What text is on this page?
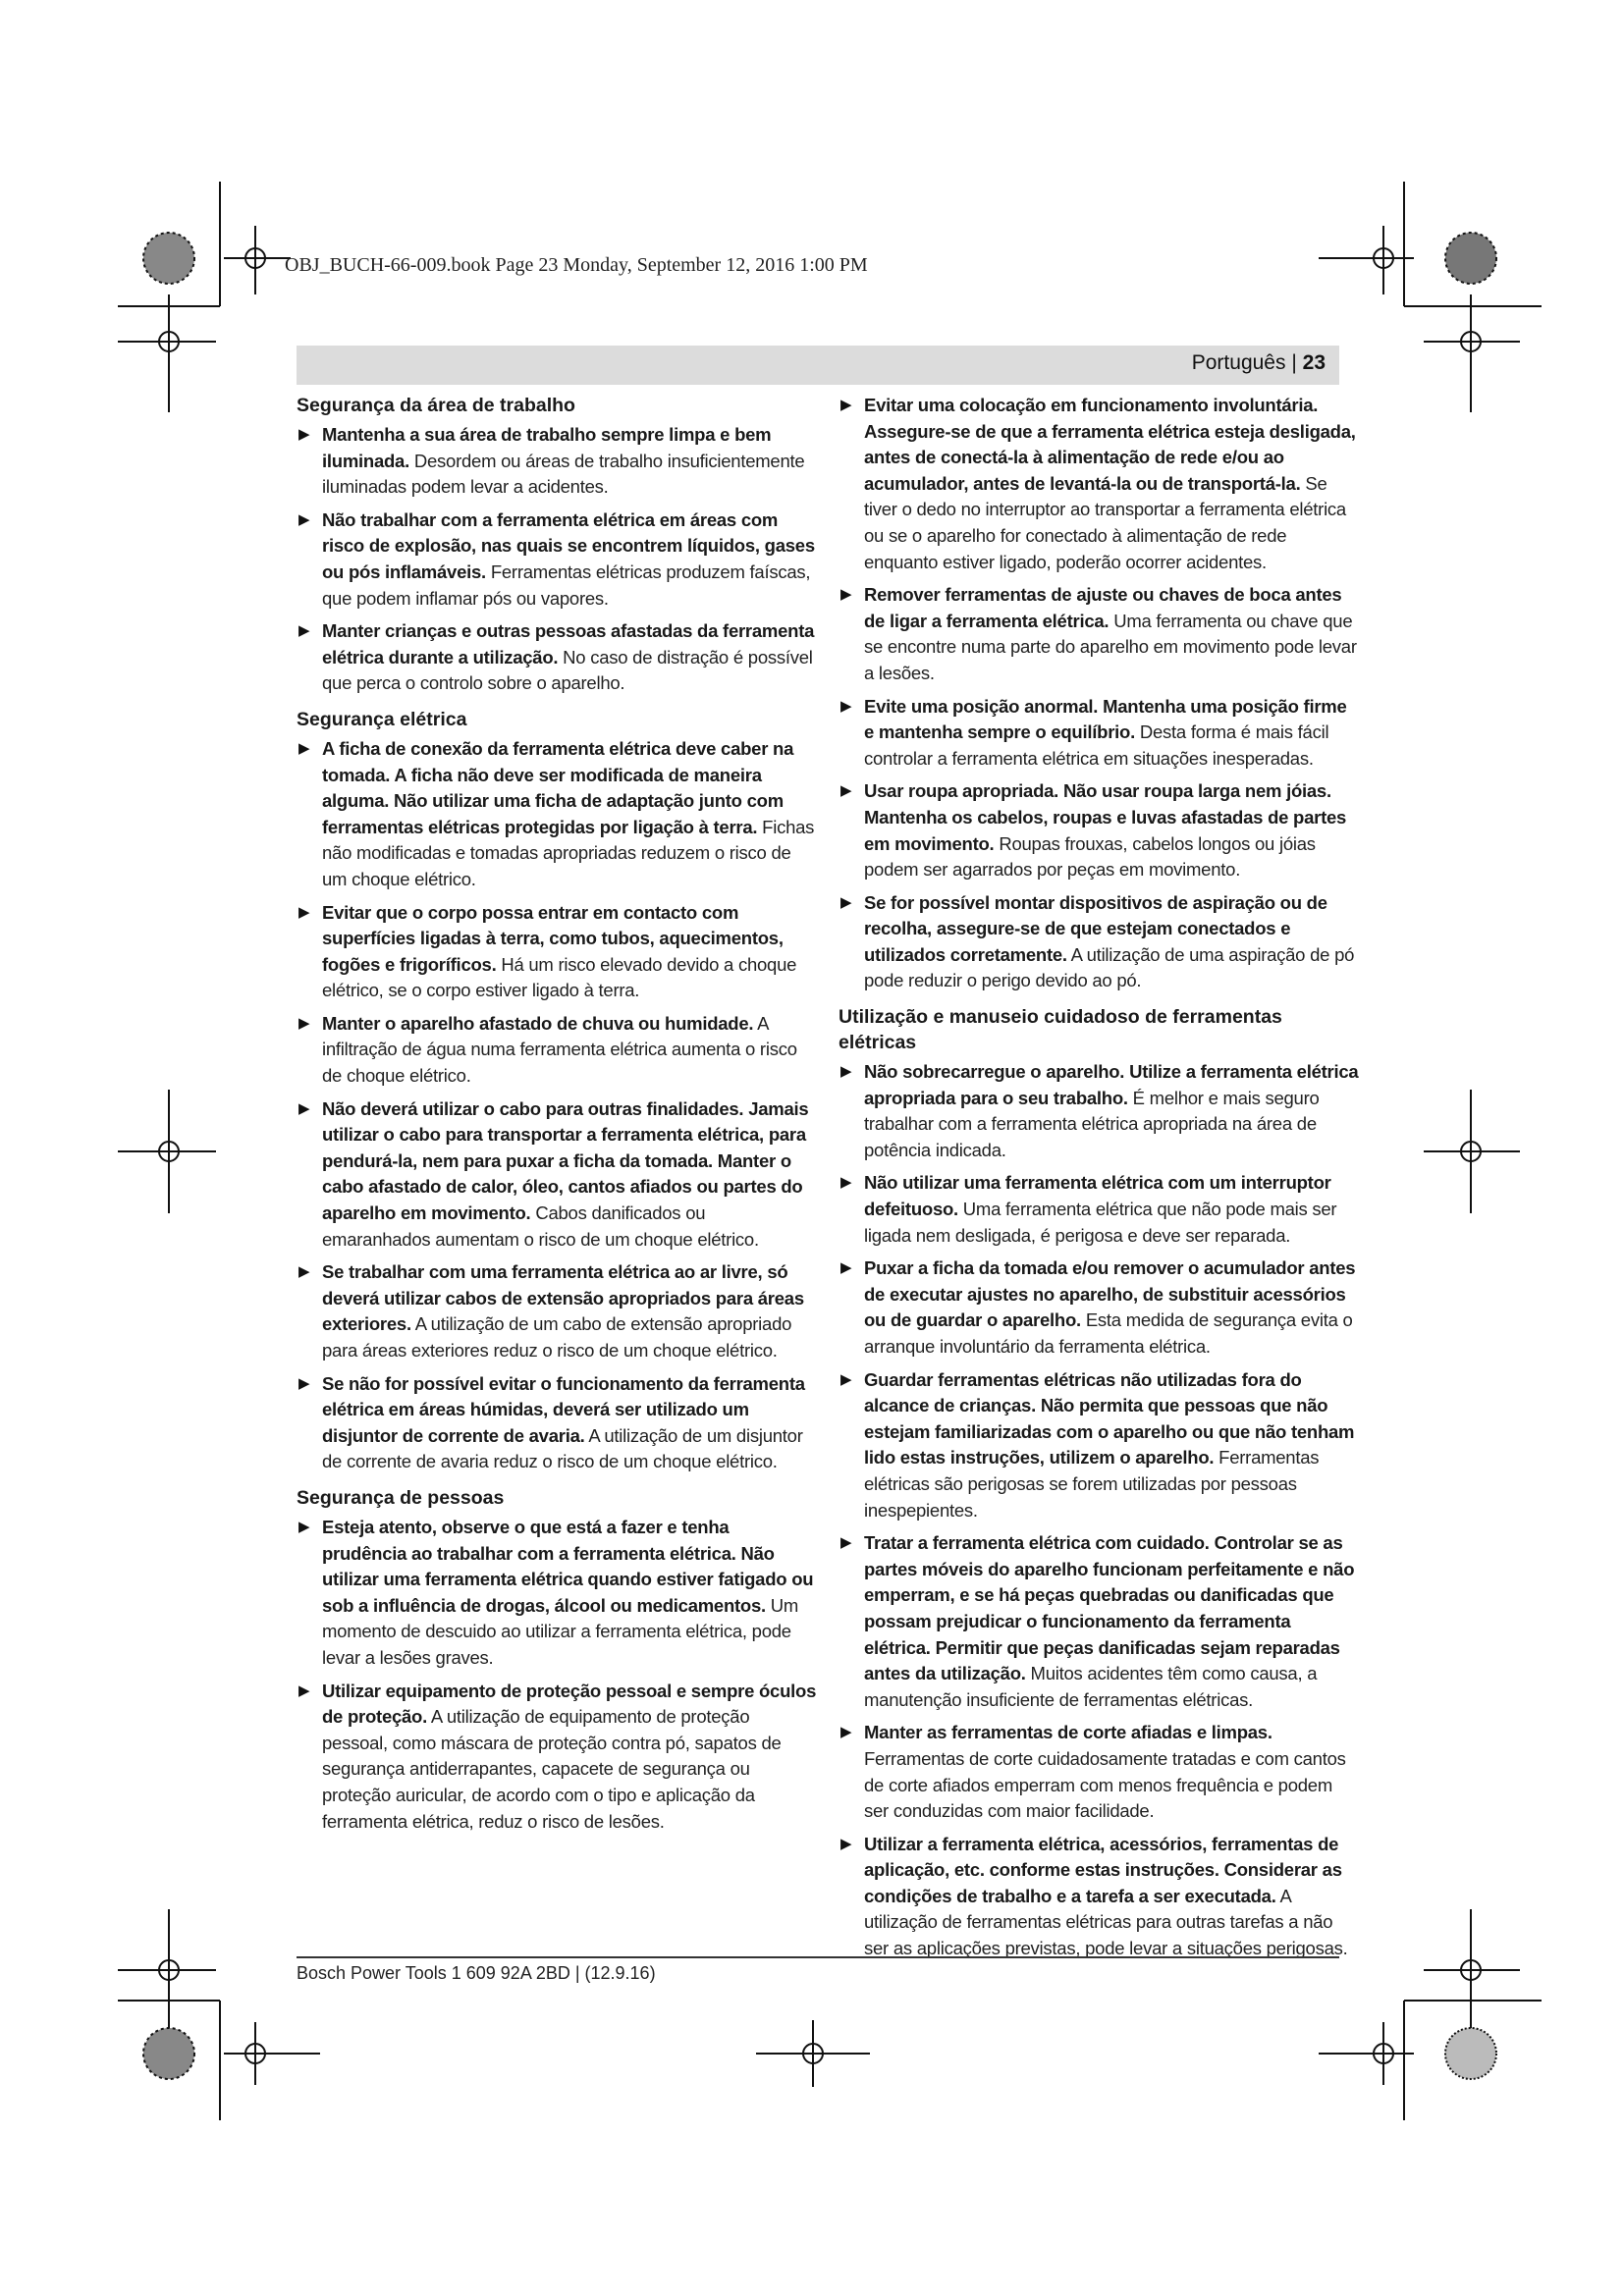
OBJ_BUCH-66-009.book Page 23 Monday, September 12, 2016 1:00 PM
Português | 23
Segurança da área de trabalho
▶ Mantenha a sua área de trabalho sempre limpa e bem iluminada. Desordem ou áreas de trabalho insuficientemente iluminadas podem levar a acidentes.
▶ Não trabalhar com a ferramenta elétrica em áreas com risco de explosão, nas quais se encontrem líquidos, gases ou pós inflamáveis. Ferramentas elétricas produzem faíscas, que podem inflamar pós ou vapores.
▶ Manter crianças e outras pessoas afastadas da ferramenta elétrica durante a utilização. No caso de distração é possível que perca o controlo sobre o aparelho.
Segurança elétrica
▶ A ficha de conexão da ferramenta elétrica deve caber na tomada. A ficha não deve ser modificada de maneira alguma. Não utilizar uma ficha de adaptação junto com ferramentas elétricas protegidas por ligação à terra. Fichas não modificadas e tomadas apropriadas reduzem o risco de um choque elétrico.
▶ Evitar que o corpo possa entrar em contacto com superfícies ligadas à terra, como tubos, aquecimentos, fogões e frigoríficos. Há um risco elevado devido a choque elétrico, se o corpo estiver ligado à terra.
▶ Manter o aparelho afastado de chuva ou humidade. A infiltração de água numa ferramenta elétrica aumenta o risco de choque elétrico.
▶ Não deverá utilizar o cabo para outras finalidades. Jamais utilizar o cabo para transportar a ferramenta elétrica, para pendurá-la, nem para puxar a ficha da tomada. Manter o cabo afastado de calor, óleo, cantos afiados ou partes do aparelho em movimento. Cabos danificados ou emaranhados aumentam o risco de um choque elétrico.
▶ Se trabalhar com uma ferramenta elétrica ao ar livre, só deverá utilizar cabos de extensão apropriados para áreas exteriores. A utilização de um cabo de extensão apropriado para áreas exteriores reduz o risco de um choque elétrico.
▶ Se não for possível evitar o funcionamento da ferramenta elétrica em áreas húmidas, deverá ser utilizado um disjuntor de corrente de avaria. A utilização de um disjuntor de corrente de avaria reduz o risco de um choque elétrico.
Segurança de pessoas
▶ Esteja atento, observe o que está a fazer e tenha prudência ao trabalhar com a ferramenta elétrica. Não utilizar uma ferramenta elétrica quando estiver fatigado ou sob a influência de drogas, álcool ou medicamentos. Um momento de descuido ao utilizar a ferramenta elétrica, pode levar a lesões graves.
▶ Utilizar equipamento de proteção pessoal e sempre óculos de proteção. A utilização de equipamento de proteção pessoal, como máscara de proteção contra pó, sapatos de segurança antiderrapantes, capacete de segurança ou proteção auricular, de acordo com o tipo e aplicação da ferramenta elétrica, reduz o risco de lesões.
▶ Evitar uma colocação em funcionamento involuntária. Assegure-se de que a ferramenta elétrica esteja desligada, antes de conectá-la à alimentação de rede e/ou ao acumulador, antes de levantá-la ou de transportá-la. Se tiver o dedo no interruptor ao transportar a ferramenta elétrica ou se o aparelho for conectado à alimentação de rede enquanto estiver ligado, poderão ocorrer acidentes.
▶ Remover ferramentas de ajuste ou chaves de boca antes de ligar a ferramenta elétrica. Uma ferramenta ou chave que se encontre numa parte do aparelho em movimento pode levar a lesões.
▶ Evite uma posição anormal. Mantenha uma posição firme e mantenha sempre o equilíbrio. Desta forma é mais fácil controlar a ferramenta elétrica em situações inesperadas.
▶ Usar roupa apropriada. Não usar roupa larga nem jóias. Mantenha os cabelos, roupas e luvas afastadas de partes em movimento. Roupas frouxas, cabelos longos ou jóias podem ser agarrados por peças em movimento.
▶ Se for possível montar dispositivos de aspiração ou de recolha, assegure-se de que estejam conectados e utilizados corretamente. A utilização de uma aspiração de pó pode reduzir o perigo devido ao pó.
Utilização e manuseio cuidadoso de ferramentas elétricas
▶ Não sobrecarregue o aparelho. Utilize a ferramenta elétrica apropriada para o seu trabalho. É melhor e mais seguro trabalhar com a ferramenta elétrica apropriada na área de potência indicada.
▶ Não utilizar uma ferramenta elétrica com um interruptor defeituoso. Uma ferramenta elétrica que não pode mais ser ligada nem desligada, é perigosa e deve ser reparada.
▶ Puxar a ficha da tomada e/ou remover o acumulador antes de executar ajustes no aparelho, de substituir acessórios ou de guardar o aparelho. Esta medida de segurança evita o arranque involuntário da ferramenta elétrica.
▶ Guardar ferramentas elétricas não utilizadas fora do alcance de crianças. Não permita que pessoas que não estejam familiarizadas com o aparelho ou que não tenham lido estas instruções, utilizem o aparelho. Ferramentas elétricas são perigosas se forem utilizadas por pessoas inespерientes.
▶ Tratar a ferramenta elétrica com cuidado. Controlar se as partes móveis do aparelho funcionam perfeitamente e não emperram, e se há peças quebradas ou danificadas que possam prejudicar o funcionamento da ferramenta elétrica. Permitir que peças danificadas sejam reparadas antes da utilização. Muitos acidentes têm como causa, a manutenção insuficiente de ferramentas elétricas.
▶ Manter as ferramentas de corte afiadas e limpas. Ferramentas de corte cuidadosamente tratadas e com cantos de corte afiados emperram com menos frequência e podem ser conduzidas com maior facilidade.
▶ Utilizar a ferramenta elétrica, acessórios, ferramentas de aplicação, etc. conforme estas instruções. Considerar as condições de trabalho e a tarefa a ser executada. A utilização de ferramentas elétricas para outras tarefas a não ser as aplicações previstas, pode levar a situações perigosas.
Bosch Power Tools 1 609 92A 2BD | (12.9.16)
